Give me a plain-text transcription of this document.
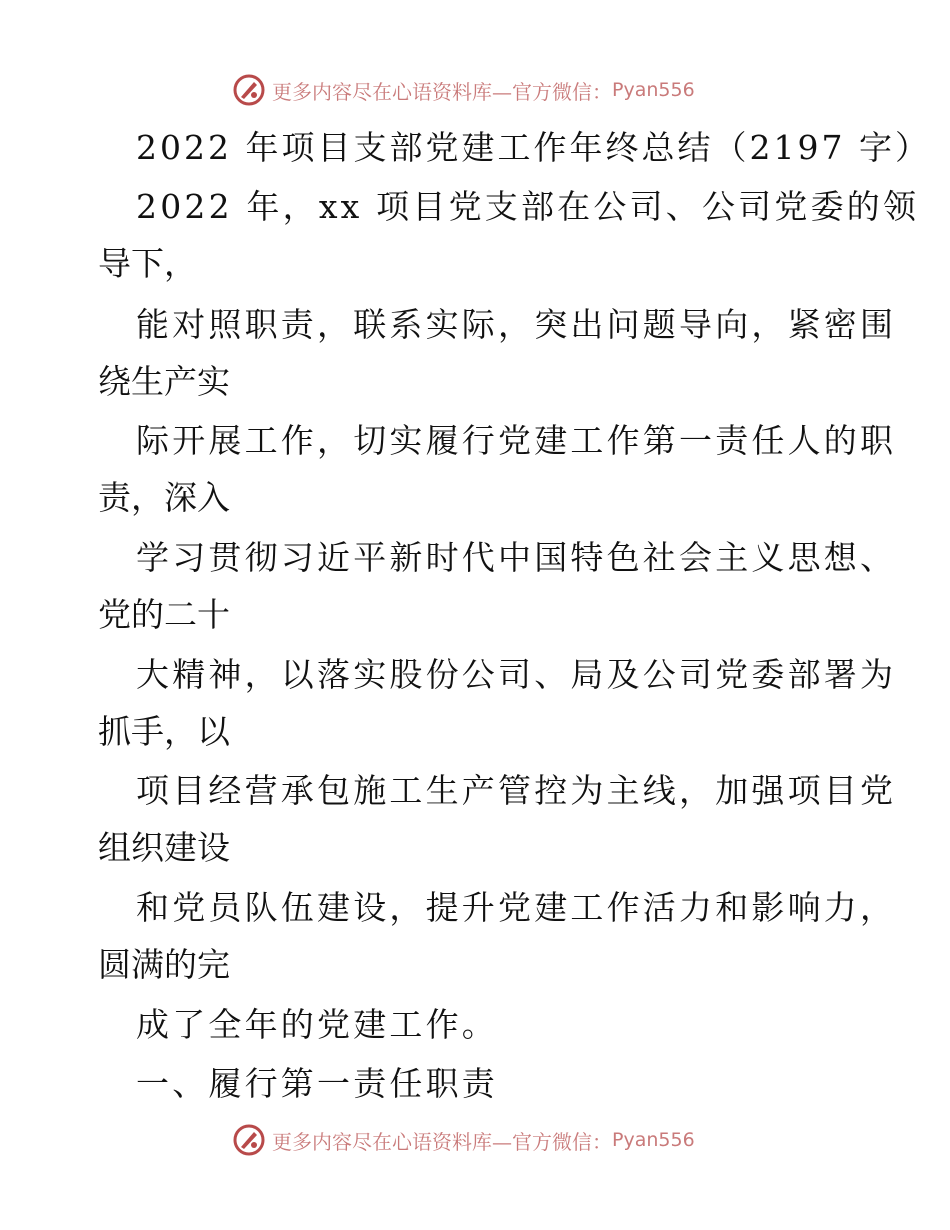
更多内容尽在心语资料库—官方微信： Pyan556
2022 年项目支部党建工作年终总结（2197 字）
2022 年，xx 项目党支部在公司、公司党委的领
导下，
能对照职责，联系实际，突出问题导向，紧密围
绕生产实
际开展工作，切实履行党建工作第一责任人的职
责，深入
学习贯彻习近平新时代中国特色社会主义思想、
党的二十
大精神，以落实股份公司、局及公司党委部署为
抓手，以
项目经营承包施工生产管控为主线，加强项目党
组织建设
和党员队伍建设，提升党建工作活力和影响力，
圆满的完
成了全年的党建工作。
一、履行第一责任职责
更多内容尽在心语资料库—官方微信： Pyan556
